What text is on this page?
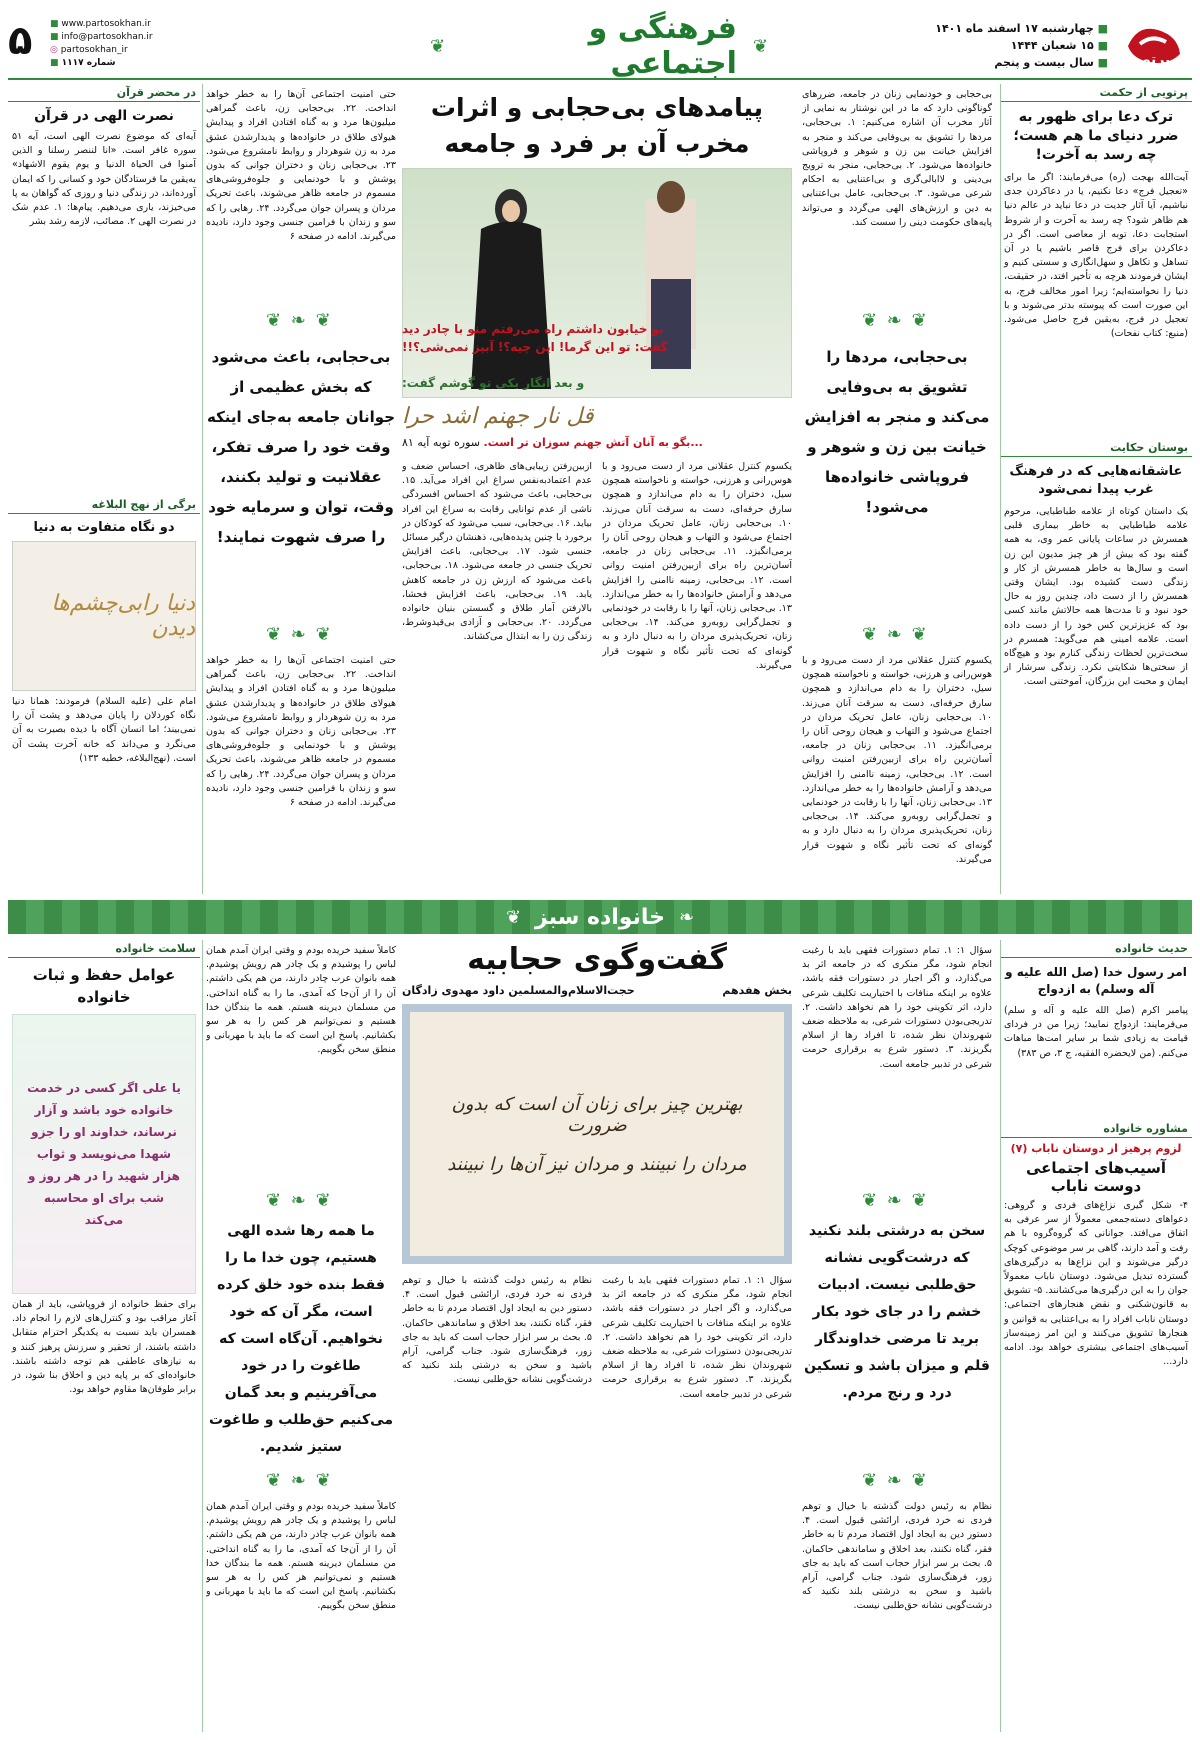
پیرتو
■ چهارشنبه ۱۷ اسفند ماه ۱۴۰۱
■ ۱۵ شعبان ۱۴۴۴
■ سال بیست و پنجم
❦
فرهنگی و اجتماعی
❦
■ www.partosokhan.ir
■ info@partosokhan.ir
◎ partosokhan_ir
شماره ۱۱۱۷ ■
۵
پرتویی از حکمت
ترک دعا برای ظهور به ضرر دنیای ما هم هست؛ چه رسد به آخرت!
آیت‌الله بهجت (ره) می‌فرمایند: اگر ما برای «تعجیل فرج» دعا نکنیم، یا در دعاکردن جدی نباشیم، آیا آثار جدیت در دعا نباید در عالم دنیا هم ظاهر شود؟ چه رسد به آخرت و از شروط استجابت دعا، توبه از معاصی است. اگر در دعاکردن برای فرج قاصر باشیم یا در آن تساهل و تکاهل و سهل‌انگاری و سستی کنیم و ایشان فرمودند هرچه به تأخیر افتد، در حقیقت، دنیا را نخواسته‌ایم؛ زیرا امور مخالف فرج، به این صورت است که پیوسته بدتر می‌شوند و با تعجیل در فرج، به‌یقین فرج حاصل می‌شود. (منبع: کتاب نفحات)
بوستان حکایت
عاشقانه‌هایی که در فرهنگ غرب پیدا نمی‌شود
یک داستان کوتاه از علامه طباطبایی، مرحوم علامه طباطبایی به خاطر بیماری قلبی همسرش در ساعات پایانی عمر وی، به همه گفته بود که بیش از هر چیز مدیون این زن است و سال‌ها به خاطر همسرش از کار و زندگی دست کشیده بود. ایشان وقتی همسرش را از دست داد، چندین روز به حال خود نبود و تا مدت‌ها همه حالاتش مانند کسی بود که عزیزترین کس خود را از دست داده است. علامه امینی هم می‌گوید: همسرم در سخت‌ترین لحظات زندگی کنارم بود و هیچ‌گاه از سختی‌ها شکایتی نکرد. زندگی سرشار از ایمان و محبت این بزرگان، آموختنی است.
در محضر قرآن
نصرت الهی در قرآن
آیه‌ای که موضوع نصرت الهی است، آیه ۵۱ سوره غافر است. «انا لننصر رسلنا و الذین آمنوا فی الحیاة الدنیا و یوم یقوم الاشهاد» به‌یقین ما فرستادگان خود و کسانی را که ایمان آورده‌اند، در زندگی دنیا و روزی که گواهان به پا می‌خیزند، یاری می‌دهیم. پیام‌ها: ۱. عدم شک در نصرت الهی ۲. مصائب، لازمه رشد بشر
برگی از نهج البلاغه
دو نگاه متفاوت به دنیا
دنیا رابی‌چشم‌ها دیدن
امام علی (علیه السلام) فرمودند: همانا دنیا نگاه کوردلان را پایان می‌دهد و پشت آن را نمی‌بیند؛ اما انسان آگاه با دیده بصیرت به آن می‌نگرد و می‌داند که خانه آخرت پشت آن است. (نهج‌البلاغه، خطبه ۱۳۳)
حتی امنیت اجتماعی آن‌ها را به خطر خواهد انداخت. ۲۲. بی‌حجابی زن، باعث گمراهی میلیون‌ها مرد و به گناه افتادن افراد و پیدایش هیولای طلاق در خانواده‌ها و پدیدارشدن عشق مرد به زن شوهردار و روابط نامشروع می‌شود. ۲۳. بی‌حجابی زنان و دختران جوانی که بدون پوشش و با خودنمایی و جلوه‌فروشی‌های مسموم در جامعه ظاهر می‌شوند، باعث تحریک مردان و پسران جوان می‌گردد. ۲۴. رهایی را که سو و زندان با فرامین جنسی وجود دارد، نادیده می‌گیرند. ادامه در صفحه ۶
❦ ❧ ❦
بی‌حجابی، باعث می‌شود که بخش عظیمی از جوانان جامعه به‌جای اینکه وقت خود را صرف تفکر، عقلانیت و تولید بکنند، وقت، توان و سرمایه خود را صرف شهوت نمایند!
❦ ❧ ❦
حتی امنیت اجتماعی آن‌ها را به خطر خواهد انداخت. ۲۲. بی‌حجابی زن، باعث گمراهی میلیون‌ها مرد و به گناه افتادن افراد و پیدایش هیولای طلاق در خانواده‌ها و پدیدارشدن عشق مرد به زن شوهردار و روابط نامشروع می‌شود. ۲۳. بی‌حجابی زنان و دختران جوانی که بدون پوشش و با خودنمایی و جلوه‌فروشی‌های مسموم در جامعه ظاهر می‌شوند، باعث تحریک مردان و پسران جوان می‌گردد. ۲۴. رهایی را که سو و زندان با فرامین جنسی وجود دارد، نادیده می‌گیرند. ادامه در صفحه ۶
پیامدهای بی‌حجابی و اثرات مخرب آن بر فرد و جامعه
تو خیابون داشتم راه می‌رفتم منو با چادر دید
گفت: تو این گرما! این چیه؟! آبپز نمی‌شی؟!!
و بعد انگار یکی تو گوشم گفت:
قل نار جهنم اشد حرا
...بگو به آنان آتش جهنم سوزان تر است. سوره توبه آیه ۸۱
ازبین‌رفتن زیبایی‌های ظاهری، احساس ضعف و عدم اعتماد‌به‌نفس سراغ این افراد می‌آید. ۱۵. بی‌حجابی، باعث می‌شود که احساس افسردگی ناشی از عدم توانایی رقابت به سراغ این افراد بیاید. ۱۶. بی‌حجابی، سبب می‌شود که کودکان در برخورد با چنین پدیده‌هایی، ذهنشان درگیر مسائل جنسی شود. ۱۷. بی‌حجابی، باعث افزایش تحریک جنسی در جامعه می‌شود. ۱۸. بی‌حجابی، باعث می‌شود که ارزش زن در جامعه کاهش یابد. ۱۹. بی‌حجابی، باعث افزایش فحشا، بالارفتن آمار طلاق و گسستن بنیان خانواده می‌گردد. ۲۰. بی‌حجابی و آزادی بی‌قیدوشرط، زندگی زن را به ابتذال می‌کشاند.
یکسوم کنترل عقلانی مرد از دست می‌رود و با هوس‌رانی و هرزنی، خواسته و ناخواسته همچون سیل، دختران را به دام می‌اندازد و همچون سارق حرفه‌ای، دست به سرقت آنان می‌زند. ۱۰. بی‌حجابی زنان، عامل تحریک مردان در اجتماع می‌شود و التهاب و هیجان روحی آنان را برمی‌انگیزد. ۱۱. بی‌حجابی زنان در جامعه، آسان‌ترین راه برای ازبین‌رفتن امنیت روانی است. ۱۲. بی‌حجابی، زمینه ناامنی را افزایش می‌دهد و آرامش خانواده‌ها را به خطر می‌اندازد. ۱۳. بی‌حجابی زنان، آنها را با رقابت در خودنمایی و تجمل‌گرایی روبه‌رو می‌کند. ۱۴. بی‌حجابی زنان، تحریک‌پذیری مردان را به دنبال دارد و به گونه‌ای که تحت تأثیر نگاه و شهوت قرار می‌گیرند.
بی‌حجابی و خودنمایی زنان در جامعه، ضررهای گوناگونی دارد که ما در این نوشتار به نمایی از آثار مخرب آن اشاره می‌کنیم: ۱. بی‌حجابی، مردها را تشویق به بی‌وفایی می‌کند و منجر به افزایش خیانت بین زن و شوهر و فروپاشی خانواده‌ها می‌شود. ۲. بی‌حجابی، منجر به ترویج بی‌دینی و لاابالی‌گری و بی‌اعتنایی به احکام شرعی می‌شود. ۳. بی‌حجابی، عامل بی‌اعتنایی به دین و ارزش‌های الهی می‌گردد و می‌تواند پایه‌های حکومت دینی را سست کند.
❦ ❧ ❦
بی‌حجابی، مردها را تشویق به بی‌وفایی می‌کند و منجر به افزایش خیانت بین زن و شوهر و فروپاشی خانواده‌ها می‌شود!
❦ ❧ ❦
یکسوم کنترل عقلانی مرد از دست می‌رود و با هوس‌رانی و هرزنی، خواسته و ناخواسته همچون سیل، دختران را به دام می‌اندازد و همچون سارق حرفه‌ای، دست به سرقت آنان می‌زند. ۱۰. بی‌حجابی زنان، عامل تحریک مردان در اجتماع می‌شود و التهاب و هیجان روحی آنان را برمی‌انگیزد. ۱۱. بی‌حجابی زنان در جامعه، آسان‌ترین راه برای ازبین‌رفتن امنیت روانی است. ۱۲. بی‌حجابی، زمینه ناامنی را افزایش می‌دهد و آرامش خانواده‌ها را به خطر می‌اندازد. ۱۳. بی‌حجابی زنان، آنها را با رقابت در خودنمایی و تجمل‌گرایی روبه‌رو می‌کند. ۱۴. بی‌حجابی زنان، تحریک‌پذیری مردان را به دنبال دارد و به گونه‌ای که تحت تأثیر نگاه و شهوت قرار می‌گیرند.
❧
خانواده سبز
❦
حدیث خانواده
امر رسول خدا (صل الله علیه و آله وسلم) به ازدواج
پیامبر اکرم (صل الله علیه و آله و سلم) می‌فرمایند: ازدواج نمایید؛ زیرا من در فردای قیامت به زیادی شما بر سایر امت‌ها مباهات می‌کنم. (من لایحضره الفقیه، ج ۳، ص ۳۸۳)
مشاوره خانواده
لزوم پرهیز از دوستان ناباب (۷)
آسیب‌های اجتماعی دوست ناباب
۴- شکل گیری نزاع‌های فردی و گروهی: دعواهای دسته‌جمعی معمولاً از سر عرفی به اتفاق می‌افتد. جوانانی که گروه‌گروه با هم رفت و آمد دارند، گاهی بر سر موضوعی کوچک درگیر می‌شوند و این نزاع‌ها به درگیری‌های گسترده تبدیل می‌شود. دوستان ناباب معمولاً جوان را به این درگیری‌ها می‌کشانند. ۵- تشویق به قانون‌شکنی و نقض هنجارهای اجتماعی: دوستان ناباب افراد را به بی‌اعتنایی به قوانین و هنجارها تشویق می‌کنند و این امر زمینه‌ساز آسیب‌های اجتماعی بیشتری خواهد بود. ادامه دارد...
سلامت خانواده
عوامل حفظ و ثبات خانواده
یا علی اگر کسی در خدمت خانواده خود باشد و آزار نرساند، خداوند او را جزو شهدا می‌نویسد و ثواب هزار شهید را در هر روز و شب برای او محاسبه می‌کند
برای حفظ خانواده از فروپاشی، باید از همان آغاز مراقب بود و کنترل‌های لازم را انجام داد. همسران باید نسبت به یکدیگر احترام متقابل داشته باشند، از تحقیر و سرزنش پرهیز کنند و به نیازهای عاطفی هم توجه داشته باشند. خانواده‌ای که بر پایه دین و اخلاق بنا شود، در برابر طوفان‌ها مقاوم خواهد بود.
کاملاً سفید خریده بودم و وقتی ایران آمدم همان لباس را پوشیدم و یک چادر هم رویش پوشیدم. همه بانوان عرب چادر دارند، من هم یکی داشتم. آن را از آن‌جا که آمدی، ما را به گناه انداختی. من مسلمان دیرینه هستم. همه ما بندگان خدا هستیم و نمی‌توانیم هر کس را به هر سو بکشانیم. پاسخ این است که ما باید با مهربانی و منطق سخن بگوییم.
❦ ❧ ❦
ما همه رها شده الهی هستیم، چون خدا ما را فقط بنده خود خلق کرده است، مگر آن که خود نخواهیم. آن‌گاه است که طاغوت را در خود می‌آفرینیم و بعد گمان می‌کنیم حق‌طلب و طاغوت ستیز شدیم.
❦ ❧ ❦
کاملاً سفید خریده بودم و وقتی ایران آمدم همان لباس را پوشیدم و یک چادر هم رویش پوشیدم. همه بانوان عرب چادر دارند، من هم یکی داشتم. آن را از آن‌جا که آمدی، ما را به گناه انداختی. من مسلمان دیرینه هستم. همه ما بندگان خدا هستیم و نمی‌توانیم هر کس را به هر سو بکشانیم. پاسخ این است که ما باید با مهربانی و منطق سخن بگوییم.
گفت‌وگوی حجابیه
بخش هفدهم
حجت‌الاسلام‌والمسلمین داود مهدوی زادگان
بهترین چیز برای زنان آن است که بدون ضرورت
مردان را نبینند و مردان نیز آن‌ها را نبینند
نظام به رئیس دولت گذشته با خیال و توهم فردی نه خرد فردی، ارائشی قبول است. ۴. دستور دین به ایجاد اول اقتصاد مردم تا به خاطر فقر، گناه نکنند، بعد اخلاق و ساماندهی حاکمان. ۵. بحث بر سر ابزار حجاب است که باید به جای زور، فرهنگ‌سازی شود. جناب گرامی، آرام باشید و سخن به درشتی بلند نکنید که درشت‌گویی نشانه حق‌طلبی نیست.
سؤال ۱: ۱. تمام دستورات فقهی باید با رغبت انجام شود، مگر منکری که در جامعه اثر بد می‌گذارد، و اگر اجبار در دستورات فقه باشد، علاوه بر اینکه منافات با اختیاریت تکلیف شرعی دارد، اثر تکوینی خود را هم نخواهد داشت. ۲. تدریجی‌بودن دستورات شرعی، به ملاحظه ضعف شهروندان نظر شده، تا افراد رها از اسلام بگریزند. ۳. دستور شرع به برقراری حرمت شرعی در تدبیر جامعه است.
سؤال ۱: ۱. تمام دستورات فقهی باید با رغبت انجام شود، مگر منکری که در جامعه اثر بد می‌گذارد، و اگر اجبار در دستورات فقه باشد، علاوه بر اینکه منافات با اختیاریت تکلیف شرعی دارد، اثر تکوینی خود را هم نخواهد داشت. ۲. تدریجی‌بودن دستورات شرعی، به ملاحظه ضعف شهروندان نظر شده، تا افراد رها از اسلام بگریزند. ۳. دستور شرع به برقراری حرمت شرعی در تدبیر جامعه است.
❦ ❧ ❦
سخن به درشتی بلند نکنید که درشت‌گویی نشانه حق‌طلبی نیست. ادبیات خشم را در جای خود بکار برید تا مرضی خداوندگار قلم و میزان باشد و تسکین درد و رنج مردم.
❦ ❧ ❦
نظام به رئیس دولت گذشته با خیال و توهم فردی نه خرد فردی، ارائشی قبول است. ۴. دستور دین به ایجاد اول اقتصاد مردم تا به خاطر فقر، گناه نکنند، بعد اخلاق و ساماندهی حاکمان. ۵. بحث بر سر ابزار حجاب است که باید به جای زور، فرهنگ‌سازی شود. جناب گرامی، آرام باشید و سخن به درشتی بلند نکنید که درشت‌گویی نشانه حق‌طلبی نیست.
